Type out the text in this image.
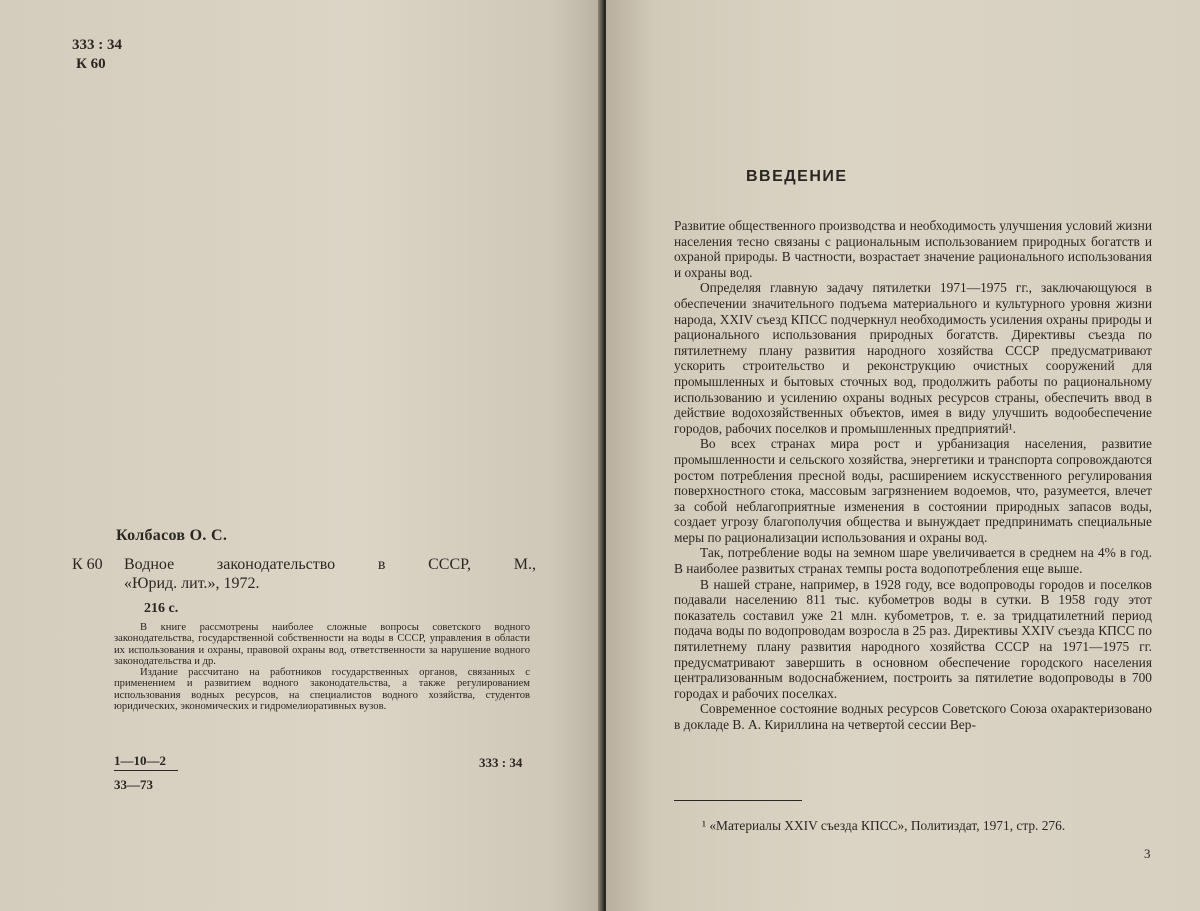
333 : 34
К 60
Колбасов О. С.
К 60 Водное	законодательство	в	СССР,	М.,
«Юрид. лит.», 1972.
216 с.

В книге рассмотрены наиболее сложные вопросы советского водного законодательства, государственной собственности на воды в СССР, управления в области их использования и охраны, правовой охраны вод, ответственности за нарушение водного законодательства и др.

Издание рассчитано на работников государственных органов, связанных с применением и развитием водного законодательства, а также регулированием использования водных ресурсов, на специалистов водного хозяйства, студентов юридических, экономических и гидромелиоративных вузов.

$\frac{1—10—2}{33—73}$	333 : 34
ВВЕДЕНИЕ

Развитие общественного производства и необходимость улучшения условий жизни населения тесно связаны с рациональным использованием природных богатств и охраной природы. В частности, возрастает значение рационального использования и охраны вод.

Определяя главную задачу пятилетки 1971—1975 гг., заключающуюся в обеспечении значительного подъема материального и культурного уровня жизни народа, XXIV съезд КПСС подчеркнул необходимость усиления охраны природы и рационального использования природных богатств. Директивы съезда по пятилетнему плану развития народного хозяйства СССР предусматривают ускорить строительство и реконструкцию очистных сооружений для промышленных и бытовых сточных вод, продолжить работы по рациональному использованию и усилению охраны водных ресурсов страны, обеспечить ввод в действие водохозяйственных объектов, имея в виду улучшить водообеспечение городов, рабочих поселков и промышленных предприятий¹.

Во всех странах мира рост и урбанизация населения, развитие промышленности и сельского хозяйства, энергетики и транспорта сопровождаются ростом потребления пресной воды, расширением искусственного регулирования поверхностного стока, массовым загрязнением водоемов, что, разумеется, влечет за собой неблагоприятные изменения в состоянии природных запасов воды, создает угрозу благополучия общества и вынуждает предпринимать специальные меры по рационализации использования и охраны вод.

Так, потребление воды на земном шаре увеличивается в среднем на 4% в год. В наиболее развитых странах темпы роста водопотребления еще выше.

В нашей стране, например, в 1928 году, все водопроводы городов и поселков подавали населению 811 тыс. кубометров воды в сутки. В 1958 году этот показатель составил уже 21 млн. кубометров, т. е. за тридцатилетний период подача воды по водопроводам возросла в 25 раз. Директивы XXIV съезда КПСС по пятилетнему плану развития народного хозяйства СССР на 1971—1975 гг. предусматривают завершить в основном обеспечение городского населения централизованным водоснабжением, построить за пятилетие водопроводы в 700 городах и рабочих поселках.

Современное состояние водных ресурсов Советского Союза охарактеризовано в докладе В. А. Кириллина на четвертой сессии Вер-

¹ «Материалы XXIV съезда КПСС», Политиздат, 1971, стр. 276.
3
